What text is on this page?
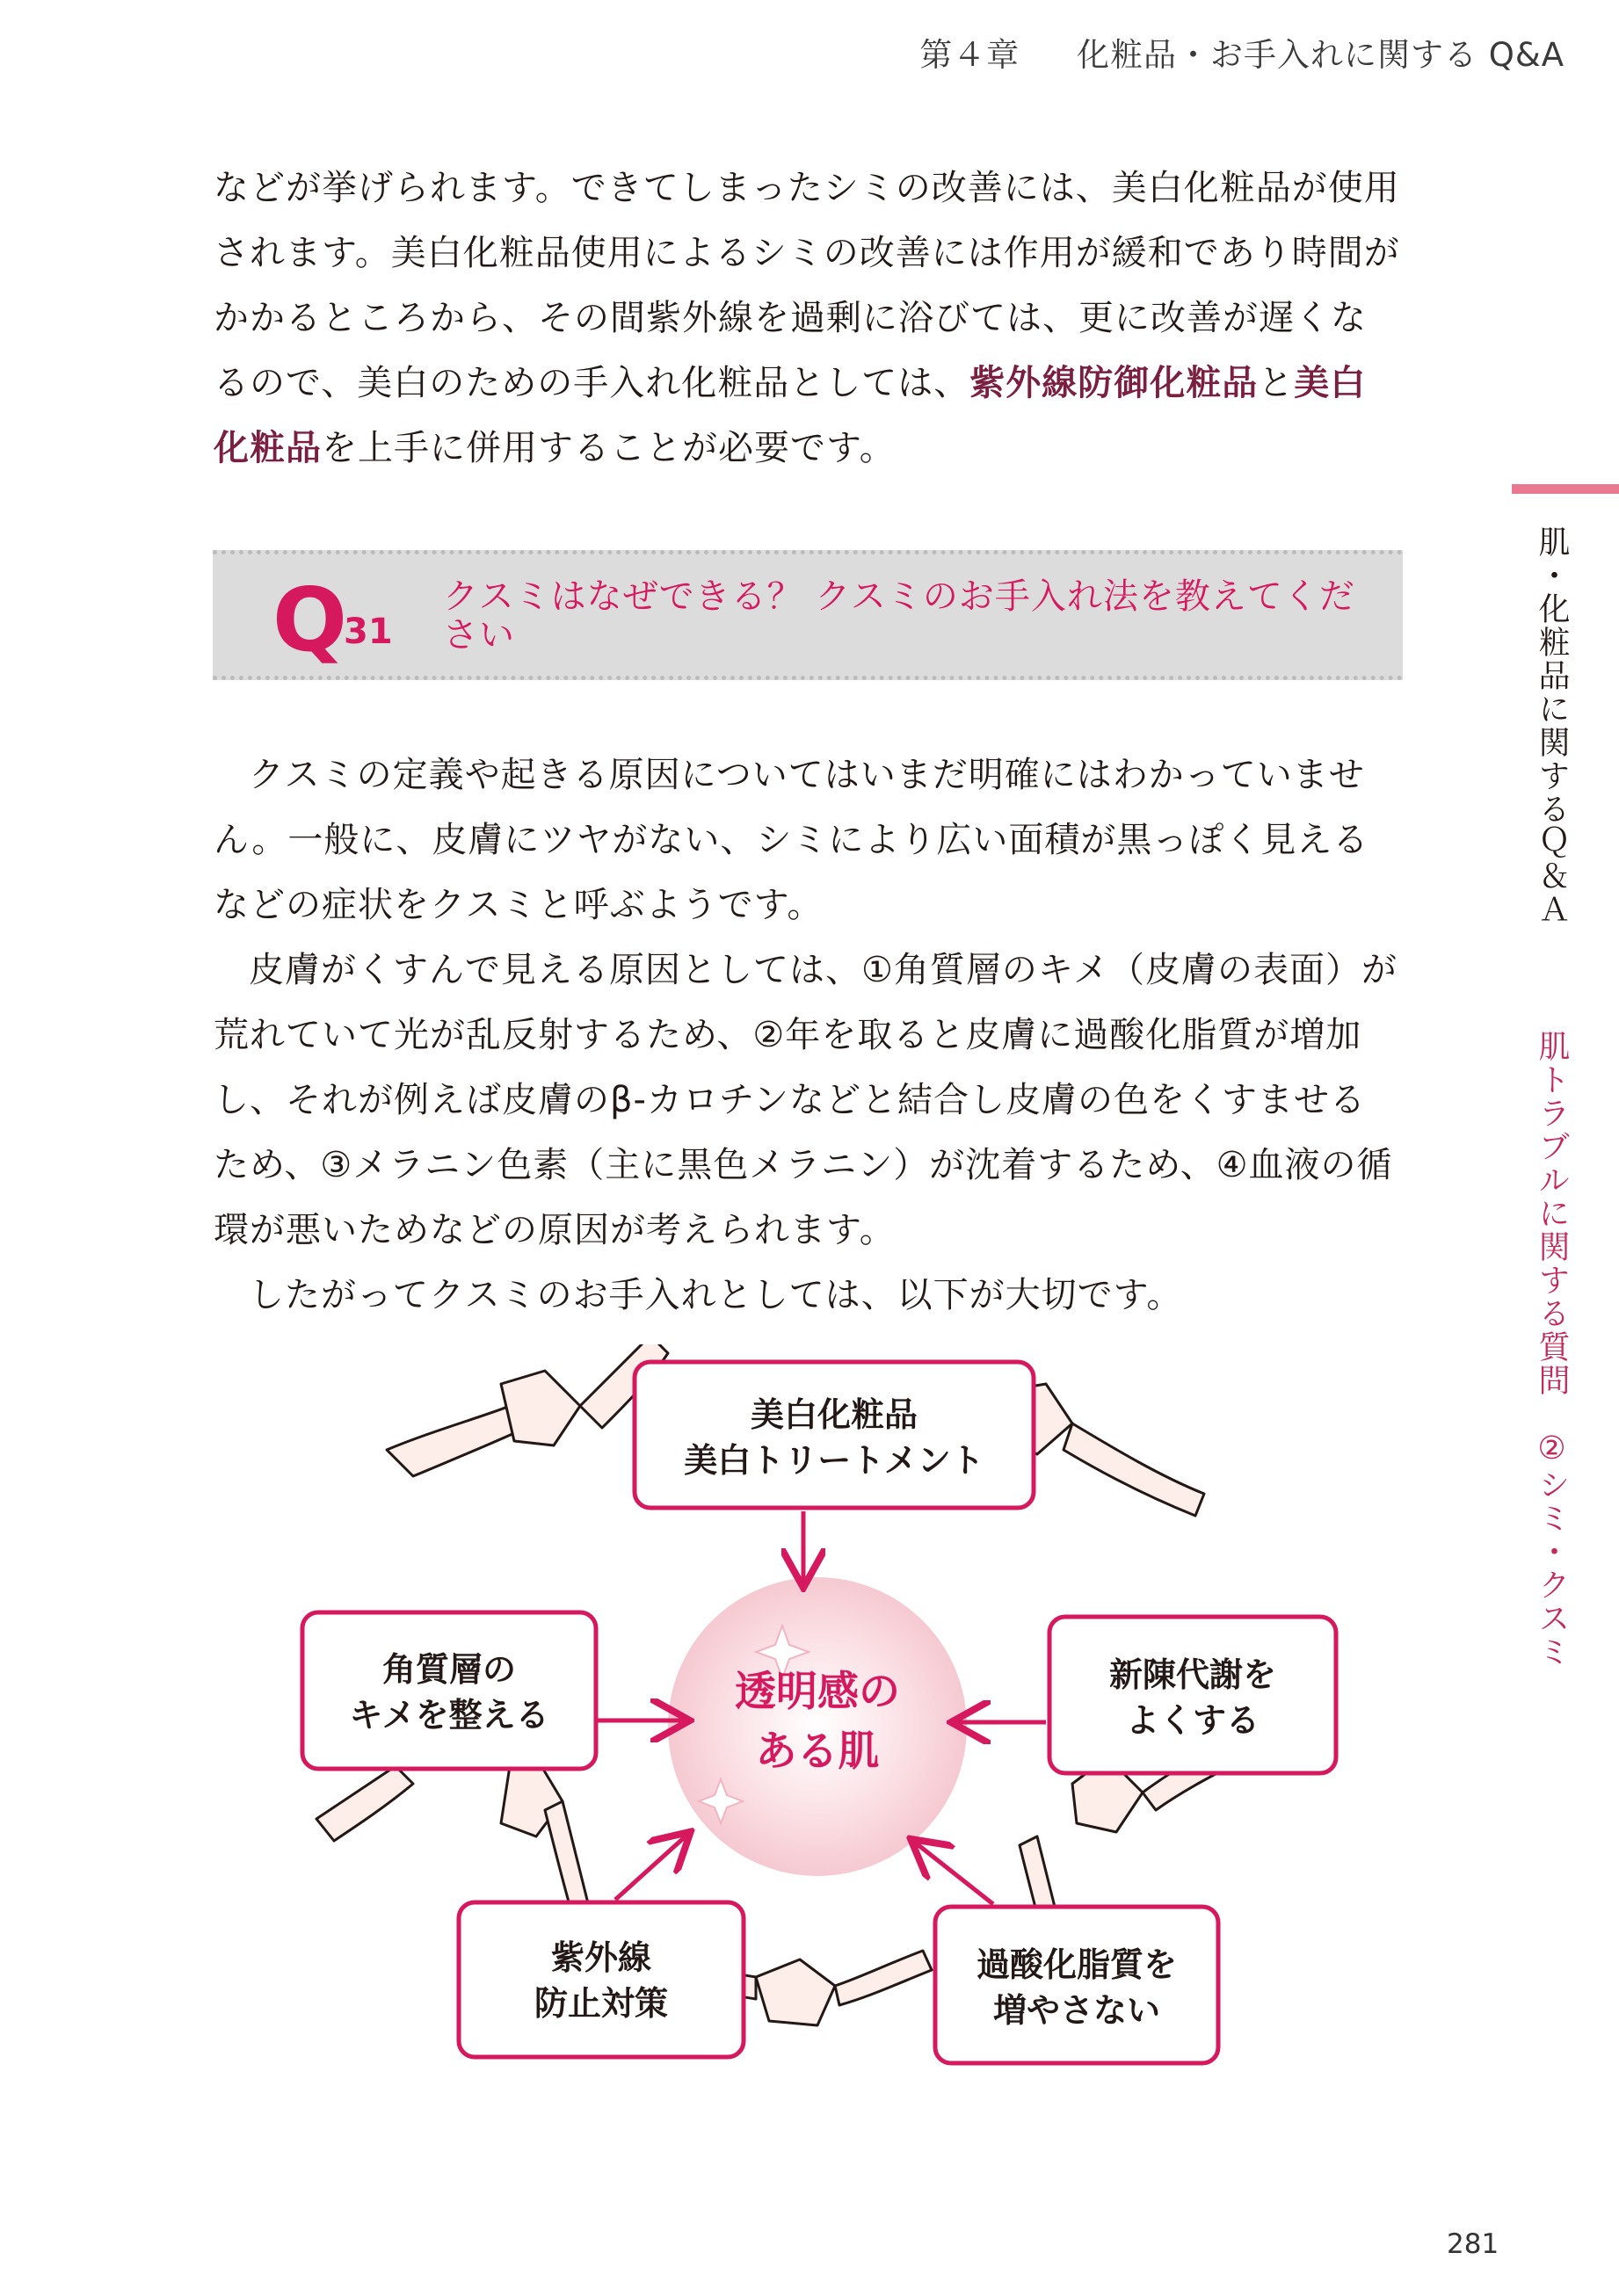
第４章 化粧品・お手入れに関する Q&A

などが挙げられます。できてしまったシミの改善には、美白化粧品が使用されます。美白化粧品使用によるシミの改善には作用が緩和であり時間がかかるところから、その間紫外線を過剰に浴びては、更に改善が遅くなるので、美白のための手入れ化粧品としては、紫外線防御化粧品と美白化粧品を上手に併用することが必要です。

肌・化粧品に関するＱ＆Ａ
肌トラブルに関する質問　②シミ・クスミ
Q31
クスミはなぜできる？ クスミのお手入れ法を教えてください

クスミの定義や起きる原因についてはいまだ明確にはわかっていません。一般に、皮膚にツヤがない、シミにより広い面積が黒っぽく見えるなどの症状をクスミと呼ぶようです。

皮膚がくすんで見える原因としては、①角質層のキメ（皮膚の表面）が荒れていて光が乱反射するため、②年を取ると皮膚に過酸化脂質が増加し、それが例えば皮膚のβ-カロチンなどと結合し皮膚の色をくすませるため、③メラニン色素（主に黒色メラニン）が沈着するため、④血液の循環が悪いためなどの原因が考えられます。

したがってクスミのお手入れとしては、以下が大切です。

美白化粧品
美白トリートメント
角質層の
キメを整える
新陳代謝を
よくする
紫外線
防止対策
過酸化脂質を
増やさない
透明感の
ある肌
281
